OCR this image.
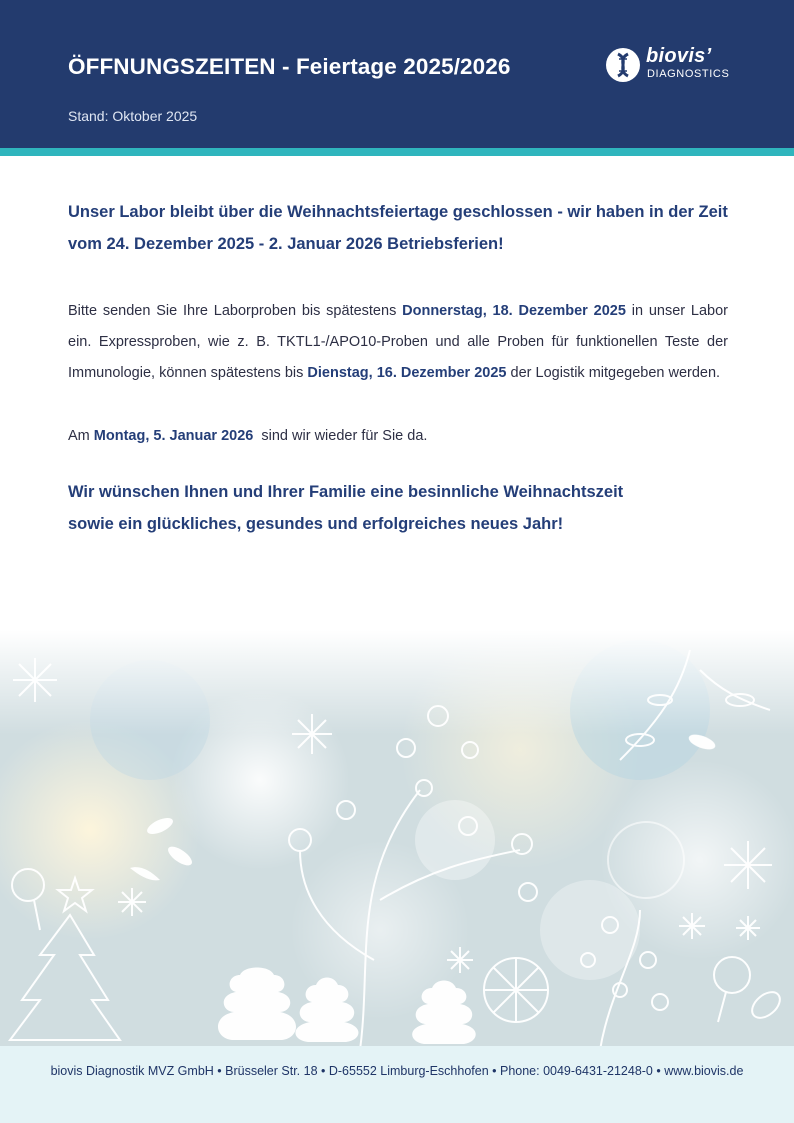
ÖFFNUNGSZEITEN - Feiertage 2025/2026
Stand: Oktober 2025
biovis’
DIAGNOSTICS

Unser Labor bleibt über die Weihnachtsfeiertage geschlossen - wir haben in der Zeit vom 24. Dezember 2025 - 2. Januar 2026 Betriebsferien!

Bitte senden Sie Ihre Laborproben bis spätestens Donnerstag, 18. Dezember 2025 in unser Labor ein. Expressproben, wie z. B. TKTL1-/APO10-Proben und alle Proben für funktionellen Teste der Immunologie, können spätestens bis Dienstag, 16. Dezember 2025 der Logistik mitgegeben werden.

Am Montag, 5. Januar 2026  sind wir wieder für Sie da.

Wir wünschen Ihnen und Ihrer Familie eine besinnliche Weihnachtszeit
sowie ein glückliches, gesundes und erfolgreiches neues Jahr!

biovis Diagnostik MVZ GmbH • Brüsseler Str. 18 • D-65552 Limburg-Eschhofen • Phone: 0049-6431-21248-0 • www.biovis.de
